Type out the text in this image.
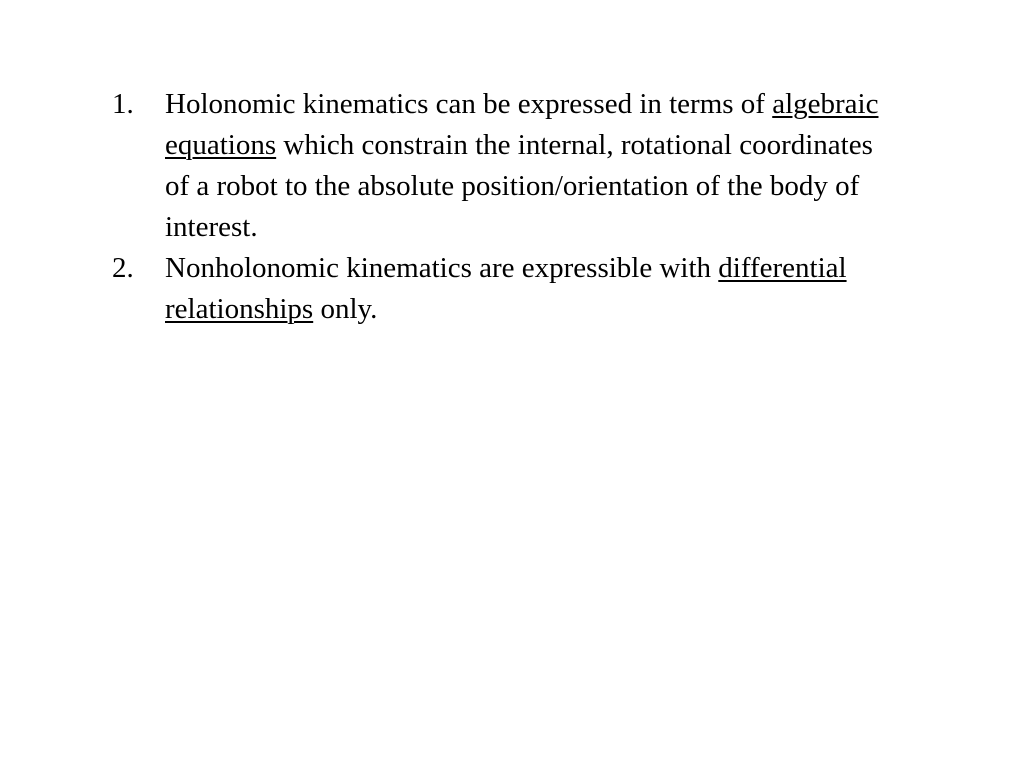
1. Holonomic kinematics can be expressed in terms of algebraic equations which constrain the internal, rotational coordinates of a robot to the absolute position/orientation of the body of interest.
2. Nonholonomic kinematics are expressible with differential relationships only.
